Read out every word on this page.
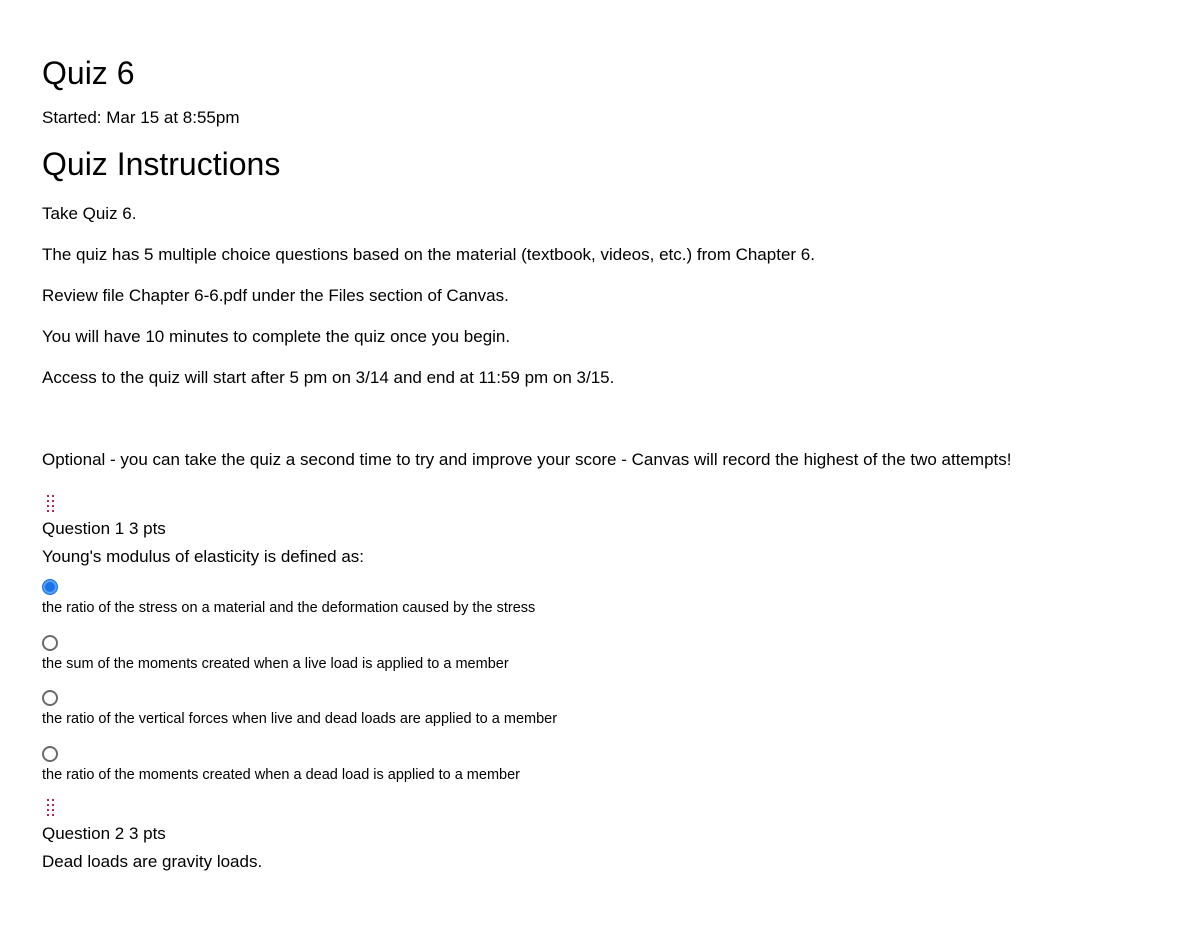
Quiz 6
Started: Mar 15 at 8:55pm
Quiz Instructions
Take Quiz 6.
The quiz has 5 multiple choice questions based on the material (textbook, videos, etc.) from Chapter 6.
Review file Chapter 6-6.pdf under the Files section of Canvas.
You will have 10 minutes to complete the quiz once you begin.
Access to the quiz will start after 5 pm on 3/14 and end at 11:59 pm on 3/15.
Optional - you can take the quiz a second time to try and improve your score - Canvas will record the highest of the two attempts!
Question 1 3 pts
Young's modulus of elasticity is defined as:
the ratio of the stress on a material and the deformation caused by the stress
the sum of the moments created when a live load is applied to a member
the ratio of the vertical forces when live and dead loads are applied to a member
the ratio of the moments created when a dead load is applied to a member
Question 2 3 pts
Dead loads are gravity loads.
